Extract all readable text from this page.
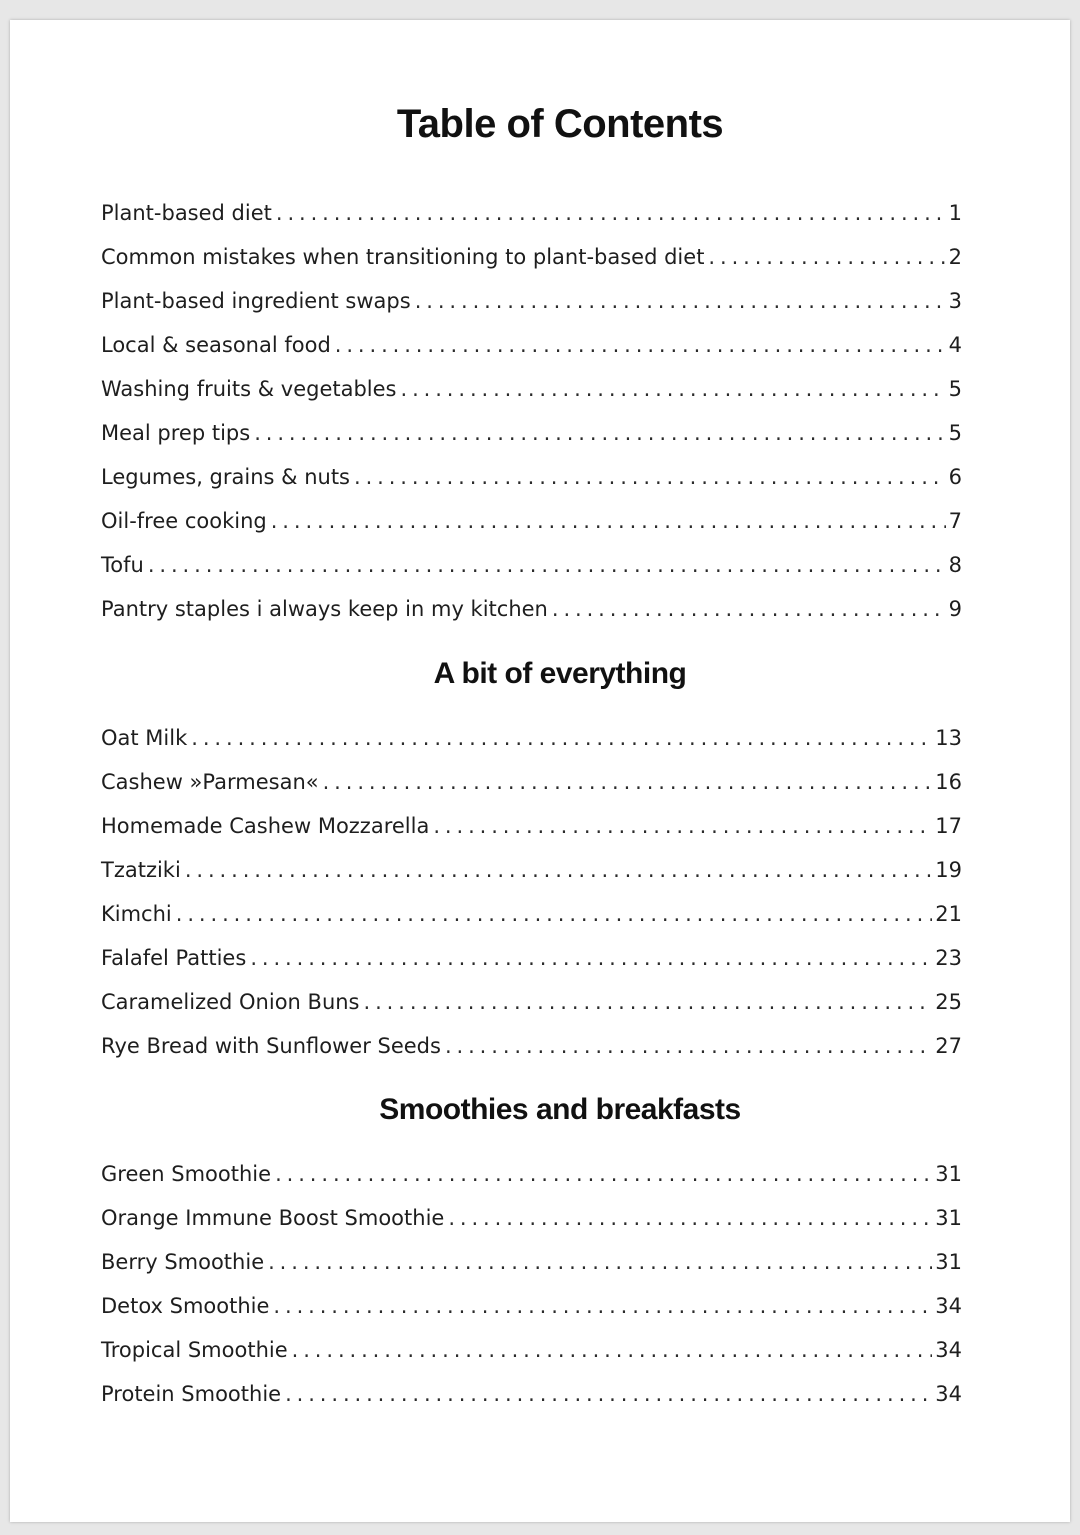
Table of Contents
Plant-based diet .....	1
Common mistakes when transitioning to plant-based diet .....	2
Plant-based ingredient swaps .....	3
Local & seasonal food .....	4
Washing fruits & vegetables .....	5
Meal prep tips .....	5
Legumes, grains & nuts .....	6
Oil-free cooking .....	7
Tofu .....	8
Pantry staples i always keep in my kitchen .....	9
A bit of everything
Oat Milk .....	13
Cashew »Parmesan« .....	16
Homemade Cashew Mozzarella .....	17
Tzatziki .....	19
Kimchi .....	21
Falafel Patties .....	23
Caramelized Onion Buns .....	25
Rye Bread with Sunflower Seeds .....	27
Smoothies and breakfasts
Green Smoothie .....	31
Orange Immune Boost Smoothie .....	31
Berry Smoothie .....	31
Detox Smoothie .....	34
Tropical Smoothie .....	34
Protein Smoothie .....	34
